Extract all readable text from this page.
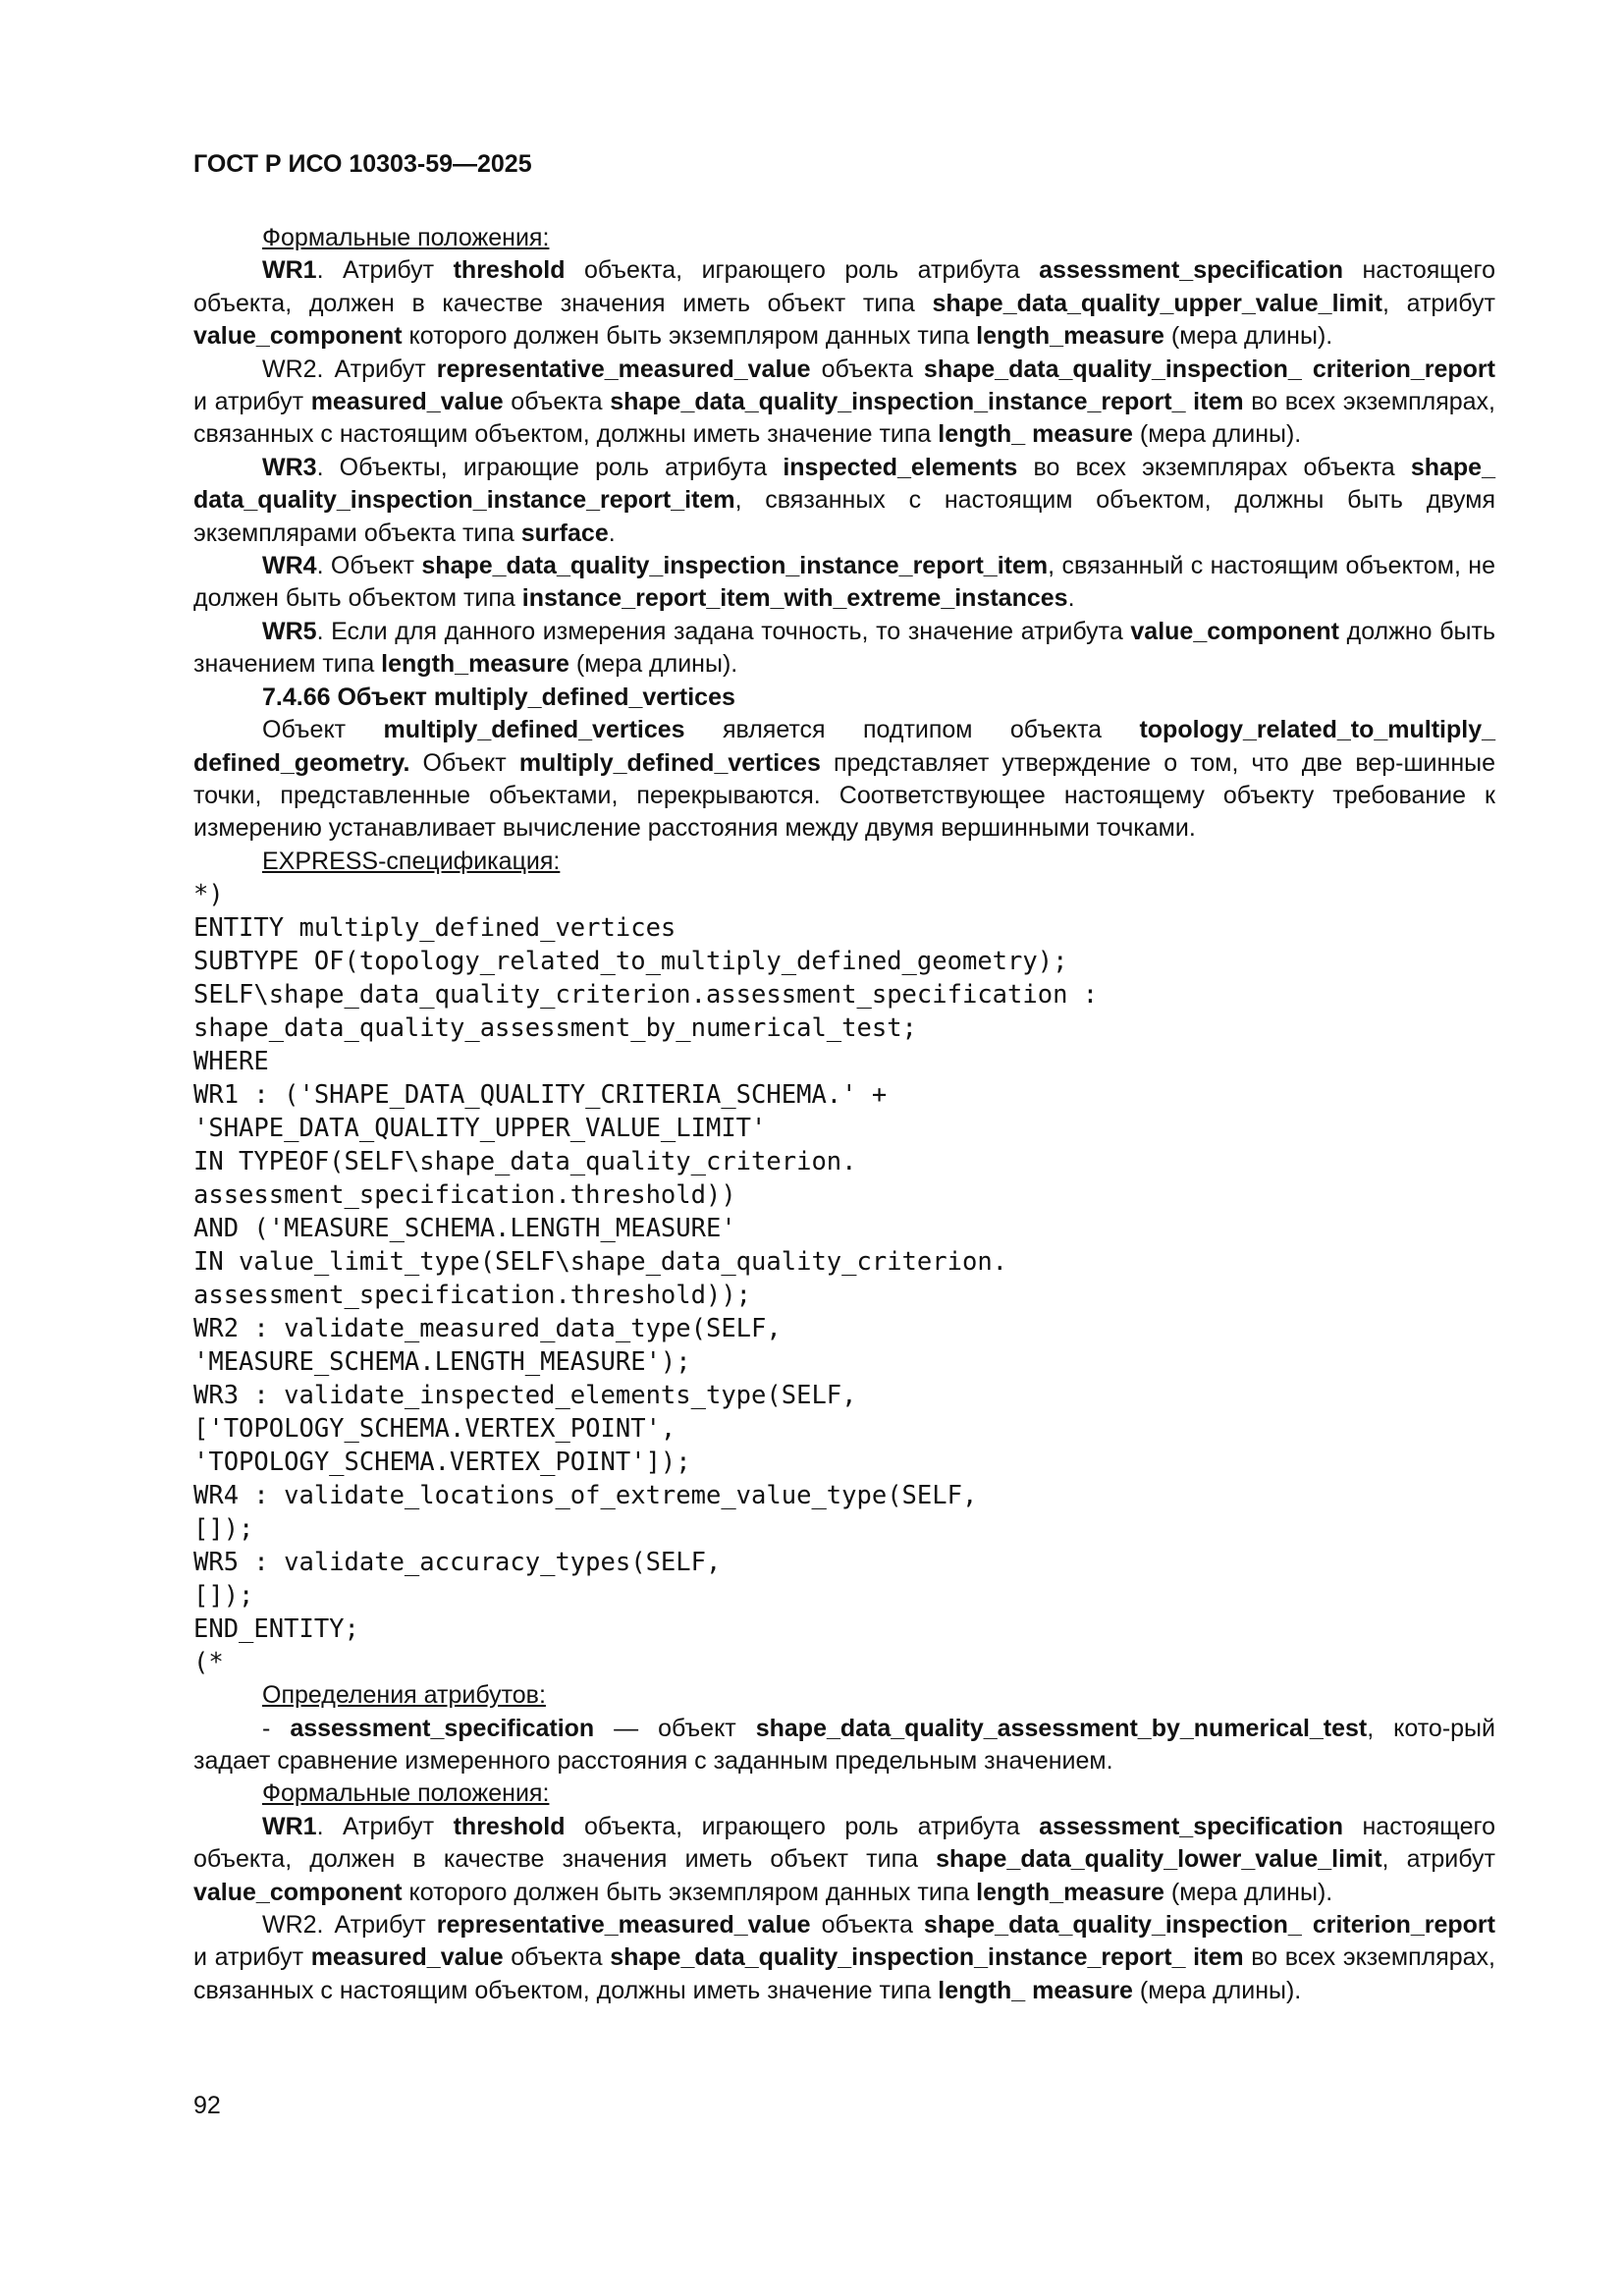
ГОСТ Р ИСО 10303-59—2025
Формальные положения:
WR1. Атрибут threshold объекта, играющего роль атрибута assessment_specification настоящего объекта, должен в качестве значения иметь объект типа shape_data_quality_upper_value_limit, атрибут value_component которого должен быть экземпляром данных типа length_measure (мера длины).
WR2. Атрибут representative_measured_value объекта shape_data_quality_inspection_ criterion_report и атрибут measured_value объекта shape_data_quality_inspection_instance_report_ item во всех экземплярах, связанных с настоящим объектом, должны иметь значение типа length_ measure (мера длины).
WR3. Объекты, играющие роль атрибута inspected_elements во всех экземплярах объекта shape_ data_quality_inspection_instance_report_item, связанных с настоящим объектом, должны быть двумя экземплярами объекта типа surface.
WR4. Объект shape_data_quality_inspection_instance_report_item, связанный с настоящим объектом, не должен быть объектом типа instance_report_item_with_extreme_instances.
WR5. Если для данного измерения задана точность, то значение атрибута value_component должно быть значением типа length_measure (мера длины).
7.4.66 Объект multiply_defined_vertices
Объект multiply_defined_vertices является подтипом объекта topology_related_to_multiply_ defined_geometry. Объект multiply_defined_vertices представляет утверждение о том, что две вер-шинные точки, представленные объектами, перекрываются. Соответствующее настоящему объекту требование к измерению устанавливает вычисление расстояния между двумя вершинными точками.
EXPRESS-спецификация:
*)
ENTITY multiply_defined_vertices
SUBTYPE OF(topology_related_to_multiply_defined_geometry);
SELF\shape_data_quality_criterion.assessment_specification :
shape_data_quality_assessment_by_numerical_test;
WHERE
WR1 : ('SHAPE_DATA_QUALITY_CRITERIA_SCHEMA.' +
'SHAPE_DATA_QUALITY_UPPER_VALUE_LIMIT'
IN TYPEOF(SELF\shape_data_quality_criterion.
assessment_specification.threshold))
AND ('MEASURE_SCHEMA.LENGTH_MEASURE'
IN value_limit_type(SELF\shape_data_quality_criterion.
assessment_specification.threshold));
WR2 : validate_measured_data_type(SELF,
'MEASURE_SCHEMA.LENGTH_MEASURE');
WR3 : validate_inspected_elements_type(SELF,
['TOPOLOGY_SCHEMA.VERTEX_POINT',
'TOPOLOGY_SCHEMA.VERTEX_POINT']);
WR4 : validate_locations_of_extreme_value_type(SELF,
[]);
WR5 : validate_accuracy_types(SELF,
[]);
END_ENTITY;
(*
Определения атрибутов:
- assessment_specification — объект shape_data_quality_assessment_by_numerical_test, кото-рый задает сравнение измеренного расстояния с заданным предельным значением.
Формальные положения:
WR1. Атрибут threshold объекта, играющего роль атрибута assessment_specification настоящего объекта, должен в качестве значения иметь объект типа shape_data_quality_lower_value_limit, атрибут value_component которого должен быть экземпляром данных типа length_measure (мера длины).
WR2. Атрибут representative_measured_value объекта shape_data_quality_inspection_ criterion_report и атрибут measured_value объекта shape_data_quality_inspection_instance_report_ item во всех экземплярах, связанных с настоящим объектом, должны иметь значение типа length_ measure (мера длины).
92
